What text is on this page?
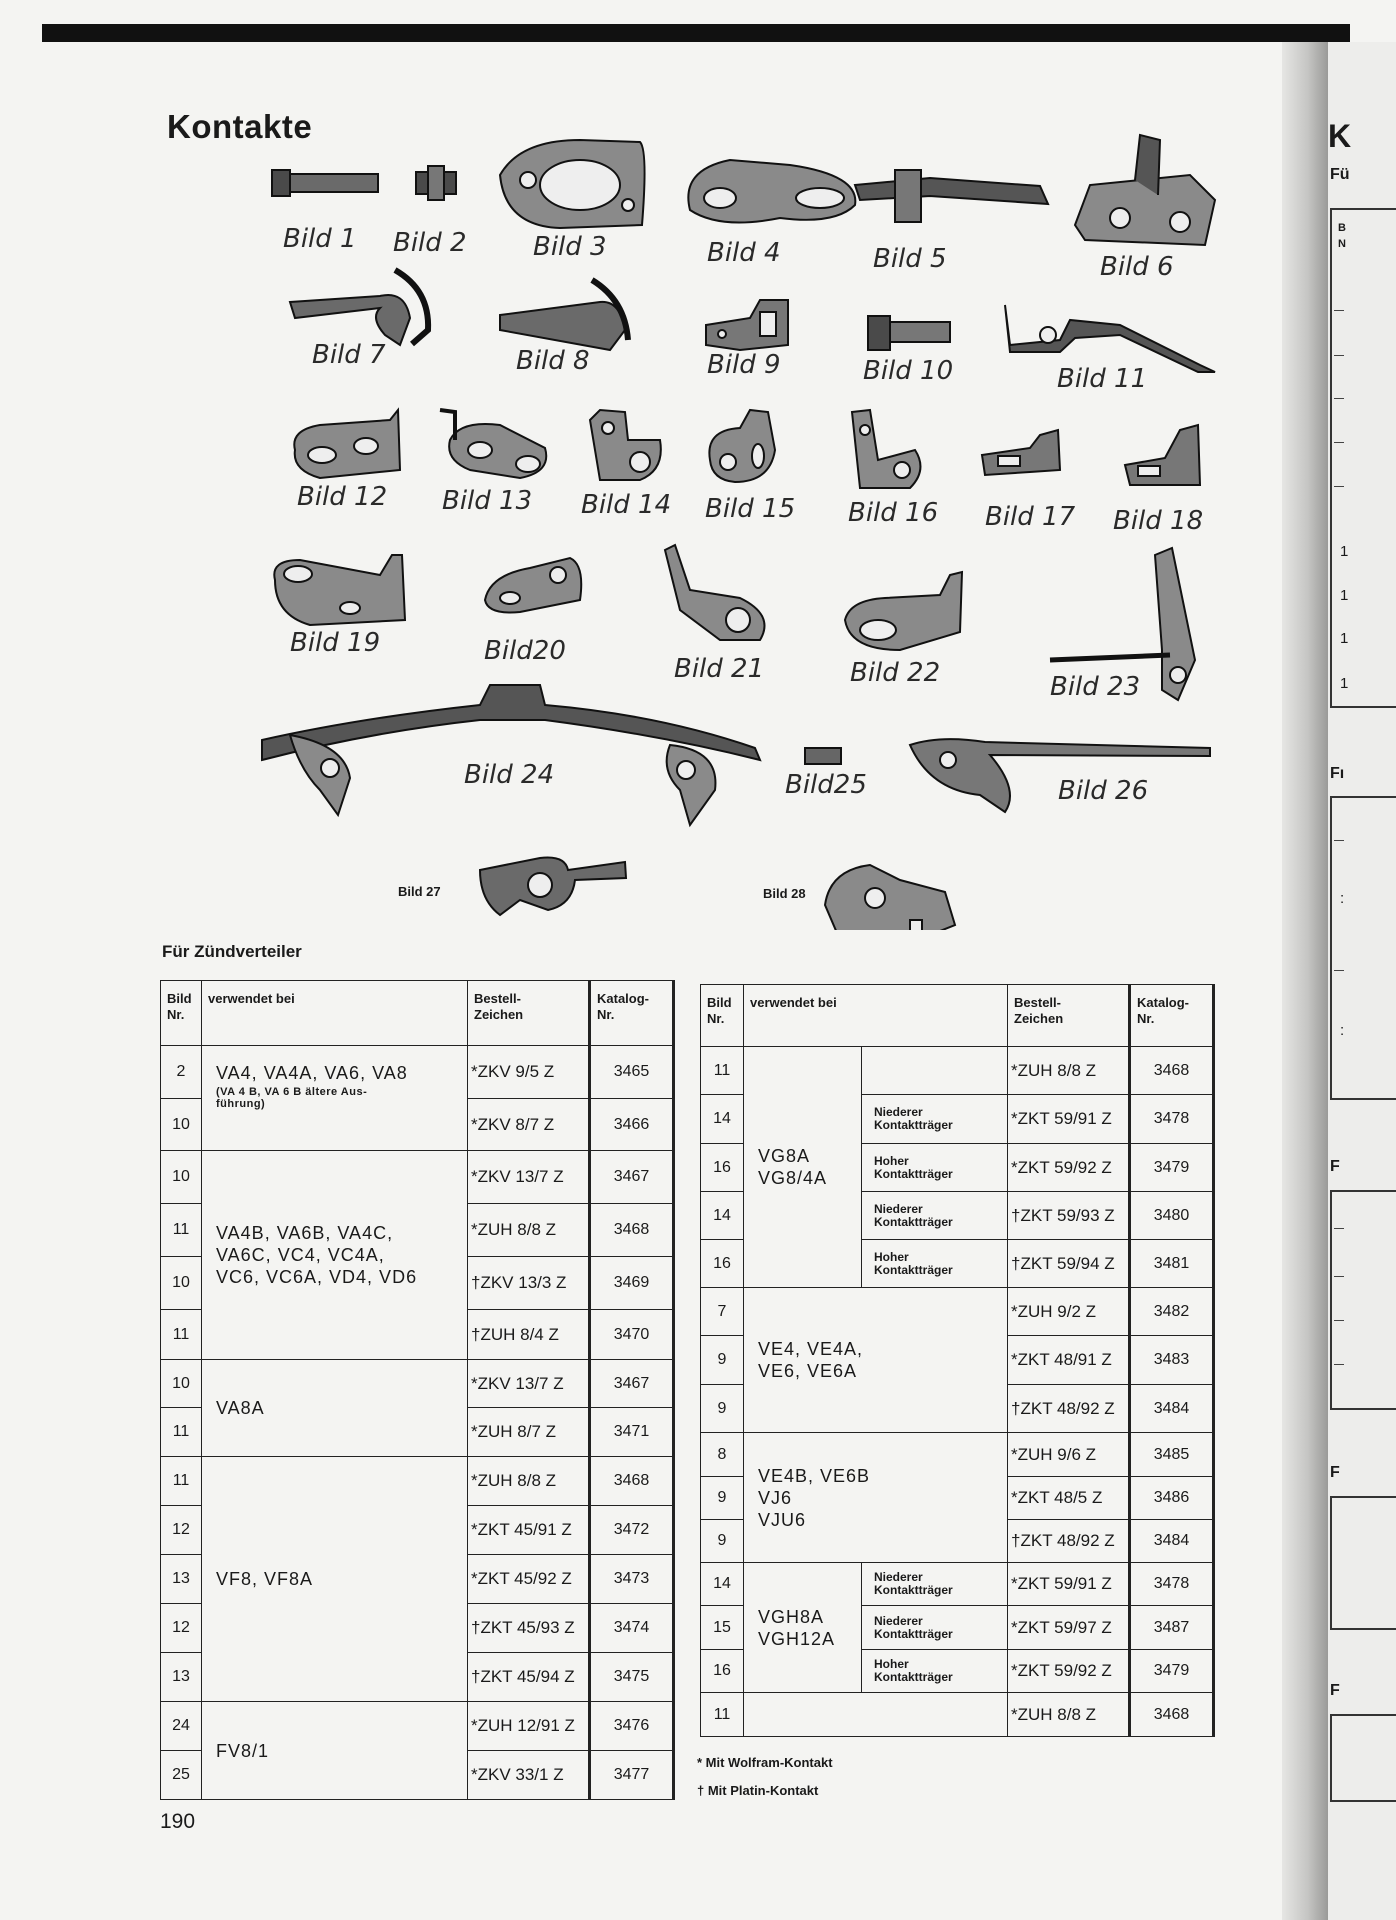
Kontakte
Bild 1 Bild 2	Bild 3	Bild 4	Bild 5	Bild 6
Bild 7	Bild 8	Bild 9	Bild 10	Bild 11
Bild 12 Bild 13 Bild 14 Bild 15 Bild 16 Bild 17 Bild 18
Bild 19	Bild20
Bild 21	Bild 22	Bild 23
Bild 24	Bild25	Bild 26
Bild 27	Bild 28
Für Zündverteiler
Bild
Nr.	verwendet bei	Bestell-
Zeichen	Katalog-
Nr.
2	VA4, VA4A, VA6, VA8
(VA 4 B, VA 6 B ältere Aus-
führung)	*ZKV 9/5 Z	3465
10		*ZKV 8/7 Z	3466
10	VA4B, VA6B, VA4C,
VA6C, VC4, VC4A,
VC6, VC6A, VD4, VD6	*ZKV 13/7 Z	3467
11		*ZUH 8/8 Z	3468
10		†ZKV 13/3 Z	3469
11		†ZUH 8/4 Z	3470
10	VA8A	*ZKV 13/7 Z	3467
11		*ZUH 8/7 Z	3471
11	VF8, VF8A	*ZUH 8/8 Z	3468
12		*ZKT 45/91 Z	3472
13		*ZKT 45/92 Z	3473
12		†ZKT 45/93 Z	3474
13		†ZKT 45/94 Z	3475
24	FV8/1	*ZUH 12/91 Z	3476
25		*ZKV 33/1 Z	3477
Bild
Nr.	verwendet bei		Bestell-
Zeichen	Katalog-
Nr.
11	VG8A
VG8/4A		*ZUH 8/8 Z	3468
14		Niederer
Kontaktträger	*ZKT 59/91 Z	3478
16		Hoher
Kontaktträger	*ZKT 59/92 Z	3479
14		Niederer
Kontaktträger	†ZKT 59/93 Z	3480
16		Hoher
Kontaktträger	†ZKT 59/94 Z	3481
7	VE4, VE4A,
VE6, VE6A		*ZUH 9/2 Z	3482
9			*ZKT 48/91 Z	3483
9			†ZKT 48/92 Z	3484
8	VE4B, VE6B
VJ6
VJU6		*ZUH 9/6 Z	3485
9			*ZKT 48/5 Z	3486
9			†ZKT 48/92 Z	3484
14	VGH8A
VGH12A	Niederer
Kontaktträger	*ZKT 59/91 Z	3478
15		Niederer
Kontaktträger	*ZKT 59/97 Z	3487
16		Hoher
Kontaktträger	*ZKT 59/92 Z	3479
11			*ZUH 8/8 Z	3468
* Mit Wolfram-Kontakt
† Mit Platin-Kontakt
190
K
Fü
B
N
1
1
1
1
Fı
:
:
F
F
F
